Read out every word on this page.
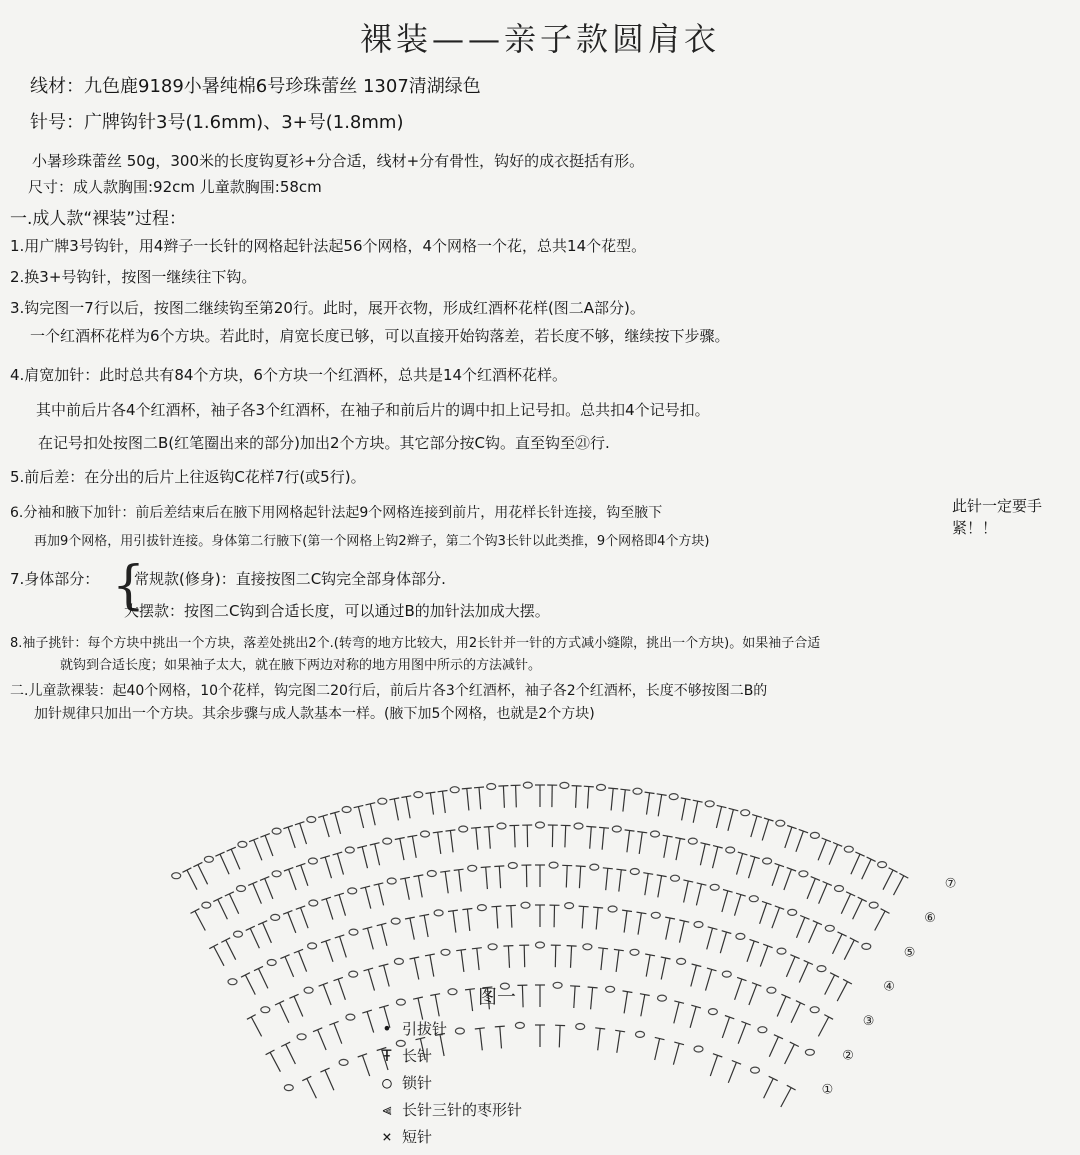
裸装——亲子款圆肩衣
线材：九色鹿9189小暑纯棉6号珍珠蕾丝 1307清湖绿色
针号：广牌钩针3号(1.6mm)、3+号(1.8mm)
小暑珍珠蕾丝 50g，300米的长度钩夏衫+分合适，线材+分有骨性，钩好的成衣挺括有形。
尺寸：成人款胸围:92cm 儿童款胸围:58cm
一.成人款“裸装”过程：
1.用广牌3号钩针，用4辫子一长针的网格起针法起56个网格，4个网格一个花，总共14个花型。
2.换3+号钩针，按图一继续往下钩。
3.钩完图一7行以后，按图二继续钩至第20行。此时，展开衣物，形成红酒杯花样(图二A部分)。
一个红酒杯花样为6个方块。若此时，肩宽长度已够，可以直接开始钩落差，若长度不够，继续按下步骤。
4.肩宽加针：此时总共有84个方块，6个方块一个红酒杯，总共是14个红酒杯花样。
其中前后片各4个红酒杯，袖子各3个红酒杯，在袖子和前后片的调中扣上记号扣。总共扣4个记号扣。
在记号扣处按图二B(红笔圈出来的部分)加出2个方块。其它部分按C钩。直至钩至㉑行.
5.前后差：在分出的后片上往返钩C花样7行(或5行)。
6.分袖和腋下加针：前后差结束后在腋下用网格起针法起9个网格连接到前片，用花样长针连接，钩至腋下
再加9个网格，用引拔针连接。身体第二行腋下(第一个网格上钩2辫子，第二个钩3长针以此类推，9个网格即4个方块)
此针一定要手紧！！
7.身体部分： {
常规款(修身)：直接按图二C钩完全部身体部分.
大摆款：按图二C钩到合适长度，可以通过B的加针法加成大摆。
8.袖子挑针：每个方块中挑出一个方块，落差处挑出2个.(转弯的地方比较大，用2长针并一针的方式减小缝隙，挑出一个方块)。如果袖子合适
就钩到合适长度；如果袖子太大，就在腋下两边对称的地方用图中所示的方法减针。
二.儿童款裸装：起40个网格，10个花样，钩完图二20行后，前后片各3个红酒杯，袖子各2个红酒杯，长度不够按图二B的
加针规律只加出一个方块。其余步骤与成人款基本一样。(腋下加5个网格，也就是2个方块)
①
②
③
④
⑤
⑥
⑦
图一
• 引拔针
Ŧ 长针
○ 锁针
⫷ 长针三针的枣形针
× 短针
